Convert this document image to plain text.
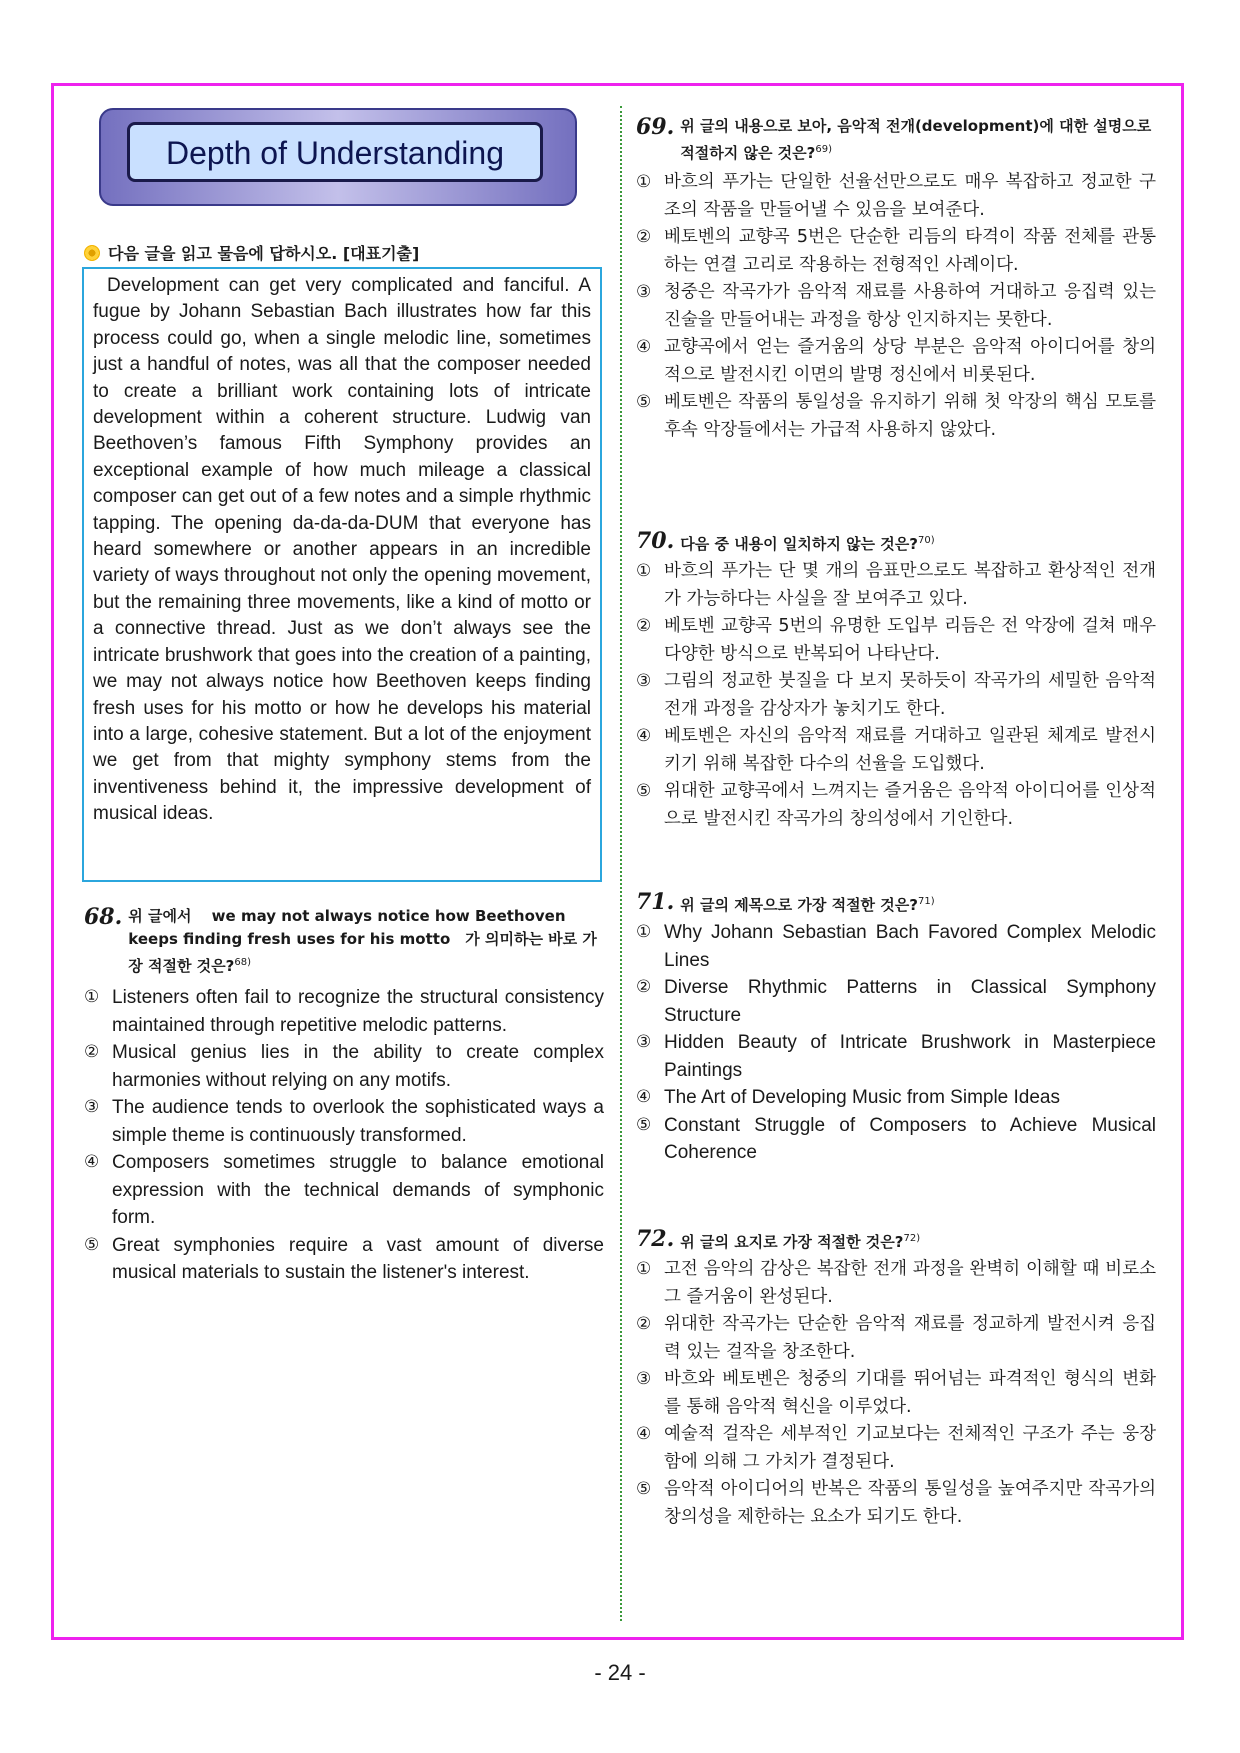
Depth of Understanding
다음 글을 읽고 물음에 답하시오. [대표기출]

Development can get very complicated and fanciful. A fugue by Johann Sebastian Bach illustrates how far this process could go, when a single melodic line, sometimes just a handful of notes, was all that the composer needed to create a brilliant work containing lots of intricate development within a coherent structure. Ludwig van Beethoven’s famous Fifth Symphony provides an exceptional example of how much mileage a classical composer can get out of a few notes and a simple rhythmic tapping. The opening da-da-da-DUM that everyone has heard somewhere or another appears in an incredible variety of ways throughout not only the opening movement, but the remaining three movements, like a kind of motto or a connective thread. Just as we don’t always see the intricate brushwork that goes into the creation of a painting, we may not always notice how Beethoven keeps finding fresh uses for his motto or how he develops his material into a large, cohesive statement. But a lot of the enjoyment we get from that mighty symphony stems from the inventiveness behind it, the impressive development of musical ideas.

68. 위 글에서 　we may not always notice how Beethoven keeps finding fresh uses for his motto　가 의미하는 바로 가장 적절한 것은?$^{68)}$
① Listeners often fail to recognize the structural consistency maintained through repetitive melodic patterns.
② Musical genius lies in the ability to create complex harmonies without relying on any motifs.
③ The audience tends to overlook the sophisticated ways a simple theme is continuously transformed.
④ Composers sometimes struggle to balance emotional expression with the technical demands of symphonic form.
⑤ Great symphonies require a vast amount of diverse musical materials to sustain the listener's interest.
69. 위 글의 내용으로 보아, 음악적 전개(development)에 대한 설명으로 적절하지 않은 것은?$^{69)}$
① 바흐의 푸가는 단일한 선율선만으로도 매우 복잡하고 정교한 구조의 작품을 만들어낼 수 있음을 보여준다.
② 베토벤의 교향곡 5번은 단순한 리듬의 타격이 작품 전체를 관통하는 연결 고리로 작용하는 전형적인 사례이다.
③ 청중은 작곡가가 음악적 재료를 사용하여 거대하고 응집력 있는 진술을 만들어내는 과정을 항상 인지하지는 못한다.
④ 교향곡에서 얻는 즐거움의 상당 부분은 음악적 아이디어를 창의적으로 발전시킨 이면의 발명 정신에서 비롯된다.
⑤ 베토벤은 작품의 통일성을 유지하기 위해 첫 악장의 핵심 모토를 후속 악장들에서는 가급적 사용하지 않았다.
70. 다음 중 내용이 일치하지 않는 것은?$^{70)}$
① 바흐의 푸가는 단 몇 개의 음표만으로도 복잡하고 환상적인 전개가 가능하다는 사실을 잘 보여주고 있다.
② 베토벤 교향곡 5번의 유명한 도입부 리듬은 전 악장에 걸쳐 매우 다양한 방식으로 반복되어 나타난다.
③ 그림의 정교한 붓질을 다 보지 못하듯이 작곡가의 세밀한 음악적 전개 과정을 감상자가 놓치기도 한다.
④ 베토벤은 자신의 음악적 재료를 거대하고 일관된 체계로 발전시키기 위해 복잡한 다수의 선율을 도입했다.
⑤ 위대한 교향곡에서 느껴지는 즐거움은 음악적 아이디어를 인상적으로 발전시킨 작곡가의 창의성에서 기인한다.
71. 위 글의 제목으로 가장 적절한 것은?$^{71)}$
① Why Johann Sebastian Bach Favored Complex Melodic Lines
② Diverse Rhythmic Patterns in Classical Symphony Structure
③ Hidden Beauty of Intricate Brushwork in Masterpiece Paintings
④ The Art of Developing Music from Simple Ideas
⑤ Constant Struggle of Composers to Achieve Musical Coherence
72. 위 글의 요지로 가장 적절한 것은?$^{72)}$
① 고전 음악의 감상은 복잡한 전개 과정을 완벽히 이해할 때 비로소 그 즐거움이 완성된다.
② 위대한 작곡가는 단순한 음악적 재료를 정교하게 발전시켜 응집력 있는 걸작을 창조한다.
③ 바흐와 베토벤은 청중의 기대를 뛰어넘는 파격적인 형식의 변화를 통해 음악적 혁신을 이루었다.
④ 예술적 걸작은 세부적인 기교보다는 전체적인 구조가 주는 웅장함에 의해 그 가치가 결정된다.
⑤ 음악적 아이디어의 반복은 작품의 통일성을 높여주지만 작곡가의 창의성을 제한하는 요소가 되기도 한다.
- 24 -
